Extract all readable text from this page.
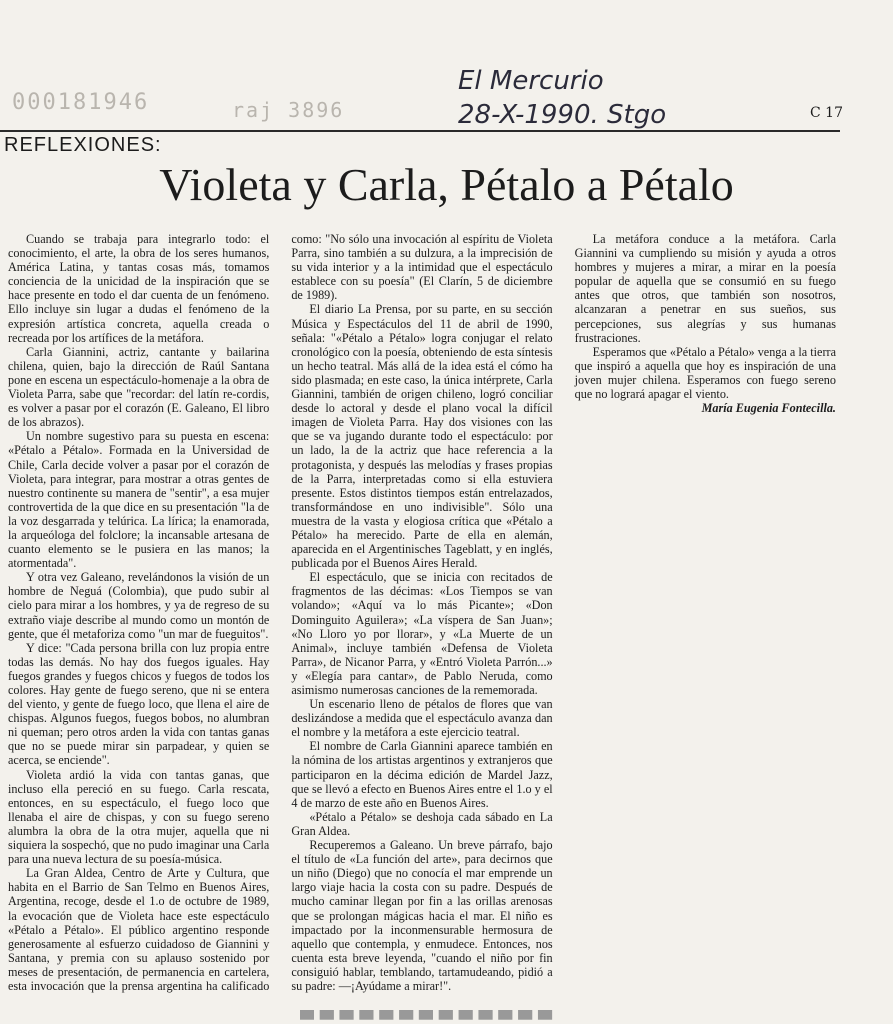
000181946	raj 3896
El Mercurio
28-X-1990. Stgo	C 17
REFLEXIONES:
Violeta y Carla, Pétalo a Pétalo

Cuando se trabaja para integrarlo todo: el conocimiento, el arte, la obra de los seres humanos, América Latina, y tantas cosas más, tomamos conciencia de la unicidad de la inspiración que se hace presente en todo el dar cuenta de un fenómeno. Ello incluye sin lugar a dudas el fenómeno de la expresión artística concreta, aquella creada o recreada por los artífices de la metáfora.

Carla Giannini, actriz, cantante y bailarina chilena, quien, bajo la dirección de Raúl Santana pone en escena un espectáculo-homenaje a la obra de Violeta Parra, sabe que "recordar: del latín re-cordis, es volver a pasar por el corazón (E. Galeano, El libro de los abrazos).

Un nombre sugestivo para su puesta en escena: «Pétalo a Pétalo». Formada en la Universidad de Chile, Carla decide volver a pasar por el corazón de Violeta, para integrar, para mostrar a otras gentes de nuestro continente su manera de "sentir", a esa mujer controvertida de la que dice en su presentación "la de la voz desgarrada y telúrica. La lírica; la enamorada, la arqueóloga del folclore; la incansable artesana de cuanto elemento se le pusiera en las manos; la atormentada".

Y otra vez Galeano, revelándonos la visión de un hombre de Neguá (Colombia), que pudo subir al cielo para mirar a los hombres, y ya de regreso de su extraño viaje describe al mundo como un montón de gente, que él metaforiza como "un mar de fueguitos".

Y dice: "Cada persona brilla con luz propia entre todas las demás. No hay dos fuegos iguales. Hay fuegos grandes y fuegos chicos y fuegos de todos los colores. Hay gente de fuego sereno, que ni se entera del viento, y gente de fuego loco, que llena el aire de chispas. Algunos fuegos, fuegos bobos, no alumbran ni queman; pero otros arden la vida con tantas ganas que no se puede mirar sin parpadear, y quien se acerca, se enciende".

Violeta ardió la vida con tantas ganas, que incluso ella pereció en su fuego. Carla rescata, entonces, en su espectáculo, el fuego loco que llenaba el aire de chispas, y con su fuego sereno alumbra la obra de la otra mujer, aquella que ni siquiera la sospechó, que no pudo imaginar una Carla para una nueva lectura de su poesía-música.

La Gran Aldea, Centro de Arte y Cultura, que habita en el Barrio de San Telmo en Buenos Aires, Argentina, recoge, desde el 1.o de octubre de 1989, la evocación que de Violeta hace este espectáculo «Pétalo a Pétalo». El público argentino responde generosamente al esfuerzo cuidadoso de Giannini y Santana, y premia con su aplauso sostenido por meses de presentación, de permanencia en cartelera, esta invocación que la prensa argentina ha calificado como: "No sólo una invocación al espíritu de Violeta Parra, sino también a su dulzura, a la imprecisión de su vida interior y a la intimidad que el espectáculo establece con su poesía" (El Clarín, 5 de diciembre de 1989).

El diario La Prensa, por su parte, en su sección Música y Espectáculos del 11 de abril de 1990, señala: "«Pétalo a Pétalo» logra conjugar el relato cronológico con la poesía, obteniendo de esta síntesis un hecho teatral. Más allá de la idea está el cómo ha sido plasmada; en este caso, la única intérprete, Carla Giannini, también de origen chileno, logró conciliar desde lo actoral y desde el plano vocal la difícil imagen de Violeta Parra. Hay dos visiones con las que se va jugando durante todo el espectáculo: por un lado, la de la actriz que hace referencia a la protagonista, y después las melodías y frases propias de la Parra, interpretadas como si ella estuviera presente. Estos distintos tiempos están entrelazados, transformándose en uno indivisible". Sólo una muestra de la vasta y elogiosa crítica que «Pétalo a Pétalo» ha merecido. Parte de ella en alemán, aparecida en el Argentinisches Tageblatt, y en inglés, publicada por el Buenos Aires Herald.

El espectáculo, que se inicia con recitados de fragmentos de las décimas: «Los Tiempos se van volando»; «Aquí va lo más Picante»; «Don Dominguito Aguilera»; «La víspera de San Juan»; «No Lloro yo por llorar», y «La Muerte de un Animal», incluye también «Defensa de Violeta Parra», de Nicanor Parra, y «Entró Violeta Parrón...» y «Elegía para cantar», de Pablo Neruda, como asimismo numerosas canciones de la rememorada.

Un escenario lleno de pétalos de flores que van deslizándose a medida que el espectáculo avanza dan el nombre y la metáfora a este ejercicio teatral.

El nombre de Carla Giannini aparece también en la nómina de los artistas argentinos y extranjeros que participaron en la décima edición de Mardel Jazz, que se llevó a efecto en Buenos Aires entre el 1.o y el 4 de marzo de este año en Buenos Aires.

«Pétalo a Pétalo» se deshoja cada sábado en La Gran Aldea.

Recuperemos a Galeano. Un breve párrafo, bajo el título de «La función del arte», para decirnos que un niño (Diego) que no conocía el mar emprende un largo viaje hacia la costa con su padre. Después de mucho caminar llegan por fin a las orillas arenosas que se prolongan mágicas hacia el mar. El niño es impactado por la inconmensurable hermosura de aquello que contempla, y enmudece. Entonces, nos cuenta esta breve leyenda, "cuando el niño por fin consiguió hablar, temblando, tartamudeando, pidió a su padre: —¡Ayúdame a mirar!".

La metáfora conduce a la metáfora. Carla Giannini va cumpliendo su misión y ayuda a otros hombres y mujeres a mirar, a mirar en la poesía popular de aquella que se consumió en su fuego antes que otros, que también son nosotros, alcanzaran a penetrar en sus sueños, sus percepciones, sus alegrías y sus humanas frustraciones.

Esperamos que «Pétalo a Pétalo» venga a la tierra que inspiró a aquella que hoy es inspiración de una joven mujer chilena. Esperamos con fuego sereno que no logrará apagar el viento.

María Eugenia Fontecilla.
▀▀▀▀▀▀▀▀▀▀▀▀▀
